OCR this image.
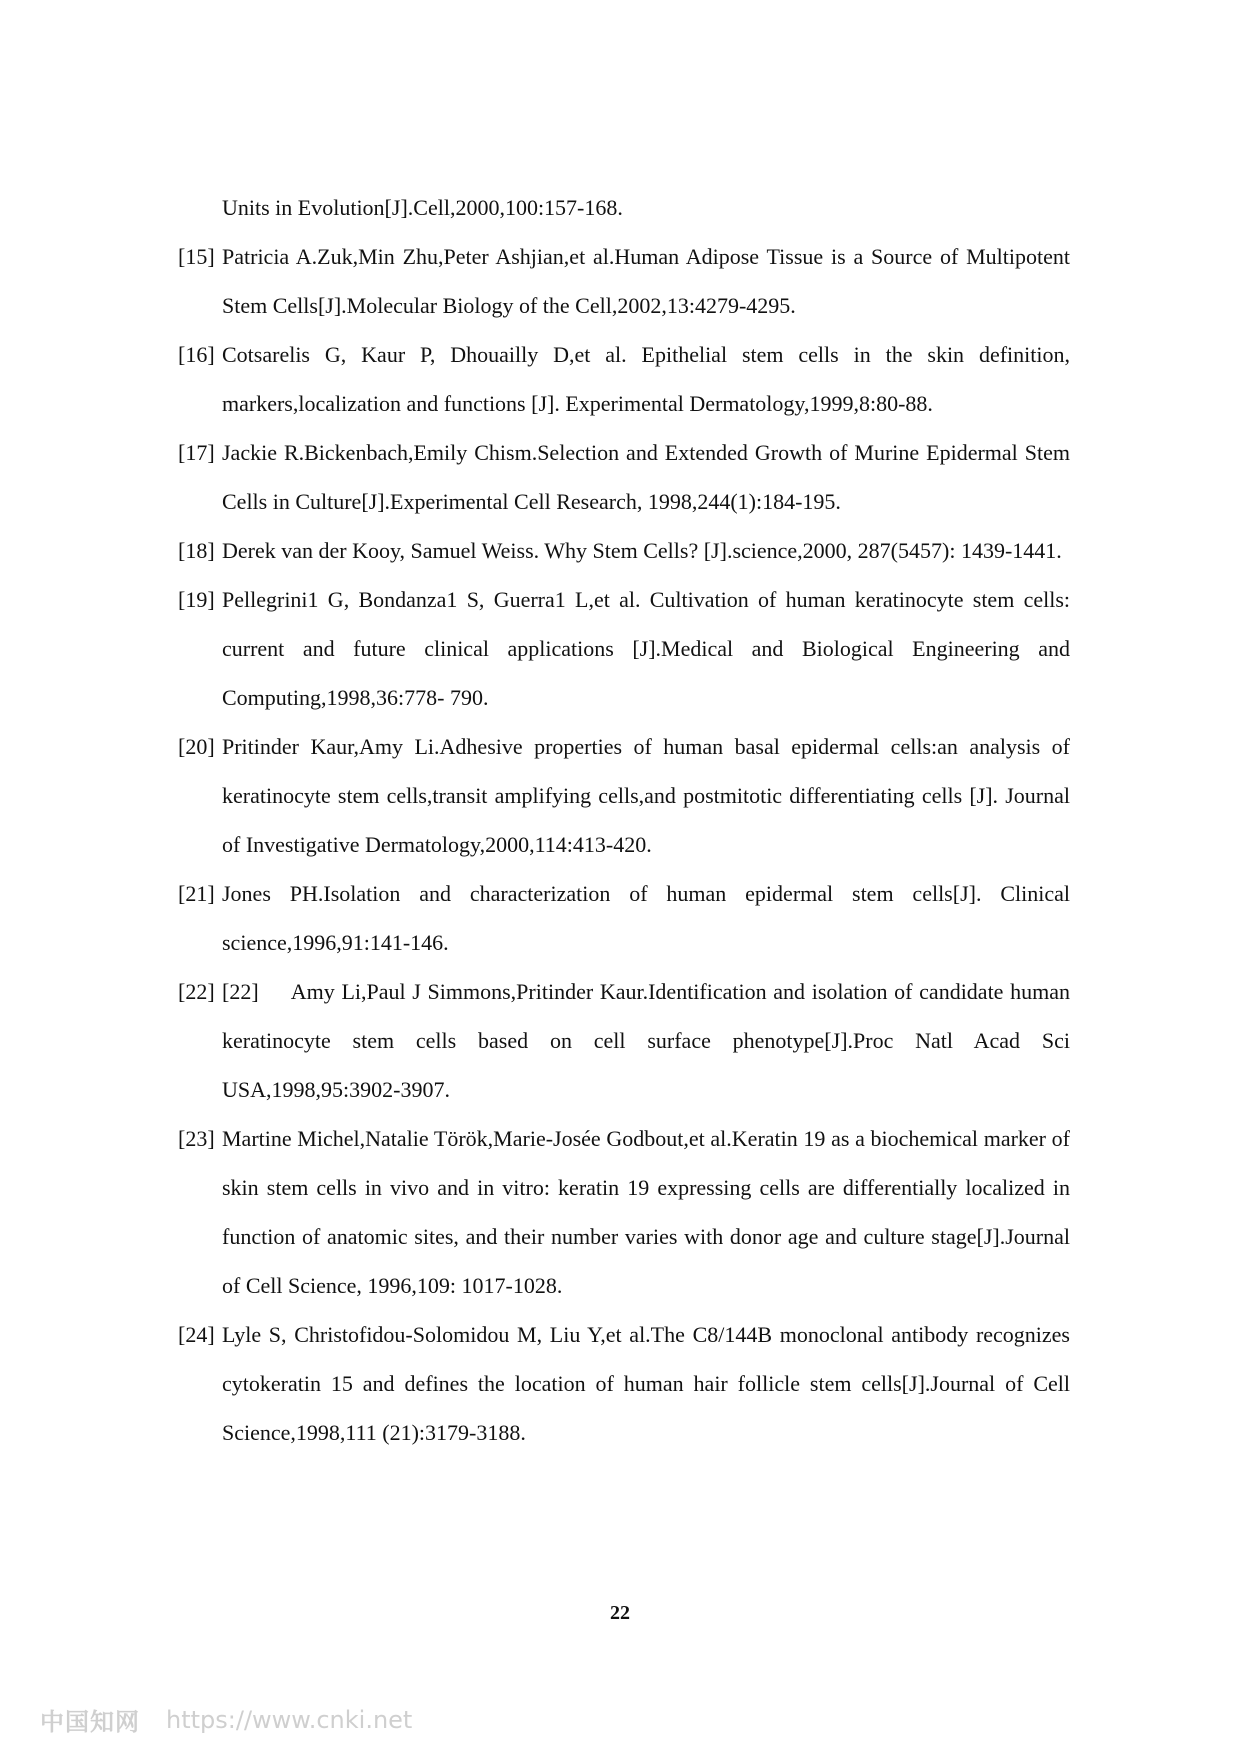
Units in Evolution[J].Cell,2000,100:157-168.
[15] Patricia A.Zuk,Min Zhu,Peter Ashjian,et al.Human Adipose Tissue is a Source of Multipotent Stem Cells[J].Molecular Biology of the Cell,2002,13:4279-4295.
[16] Cotsarelis G, Kaur P, Dhouailly D,et al. Epithelial stem cells in the skin definition, markers,localization and functions [J]. Experimental Dermatology,1999,8:80-88.
[17] Jackie R.Bickenbach,Emily Chism.Selection and Extended Growth of Murine Epidermal Stem Cells in Culture[J].Experimental Cell Research, 1998,244(1):184-195.
[18] Derek van der Kooy, Samuel Weiss. Why Stem Cells? [J].science,2000, 287(5457): 1439-1441.
[19] Pellegrini1 G, Bondanza1 S, Guerra1 L,et al. Cultivation of human keratinocyte stem cells: current and future clinical applications [J].Medical and Biological Engineering and Computing,1998,36:778- 790.
[20] Pritinder Kaur,Amy Li.Adhesive properties of human basal epidermal cells:an analysis of keratinocyte stem cells,transit amplifying cells,and postmitotic differentiating cells [J]. Journal of Investigative Dermatology,2000,114:413-420.
[21] Jones PH.Isolation and characterization of human epidermal stem cells[J]. Clinical science,1996,91:141-146.
[22] [22]     Amy Li,Paul J Simmons,Pritinder Kaur.Identification and isolation of candidate human keratinocyte stem cells based on cell surface phenotype[J].Proc Natl Acad Sci USA,1998,95:3902-3907.
[23] Martine Michel,Natalie Török,Marie-Josée Godbout,et al.Keratin 19 as a biochemical marker of skin stem cells in vivo and in vitro: keratin 19 expressing cells are differentially localized in function of anatomic sites, and their number varies with donor age and culture stage[J].Journal of Cell Science, 1996,109: 1017-1028.
[24] Lyle S, Christofidou-Solomidou M, Liu Y,et al.The C8/144B monoclonal antibody recognizes cytokeratin 15 and defines the location of human hair follicle stem cells[J].Journal of Cell Science,1998,111 (21):3179-3188.
22
中国知网 https://www.cnki.net
